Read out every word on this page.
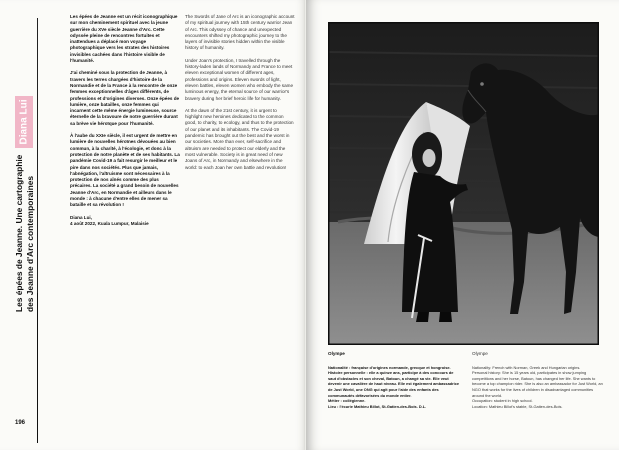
Diana Lui
Les épées de Jeanne. Une cartographie des Jeanne d'Arc contemporaines
196

Les épées de Jeanne est un récit iconographique sur mon cheminement spirituel avec la jeune guerrière du XVe siècle Jeanne d'Arc. Cette odyssée pleine de rencontres fortuites et inattendues a déplacé mon voyage photographique vers les strates des histoires invisibles cachées dans l'histoire visible de l'humanité.

J'ai cheminé sous la protection de Jeanne, à travers les terres chargées d'histoire de la Normandie et de la France à la rencontre de onze femmes exceptionnelles d'âges différents, de professions et d'origines diverses. Onze épées de lumière, onze batailles, onze femmes qui incarnent cette même énergie lumineuse, source éternelle de la bravoure de notre guerrière durant sa brève vie héroïque pour l'humanité.

À l'aube du XXIe siècle, il est urgent de mettre en lumière de nouvelles héroïnes dévouées au bien commun, à la charité, à l'écologie, et donc à la protection de notre planète et de ses habitants. La pandémie Covid-19 a fait resurgir le meilleur et le pire dans nos sociétés. Plus que jamais, l'abnégation, l'altruisme sont nécessaires à la protection de nos aînés comme des plus précaires. La société a grand besoin de nouvelles Jeanne d'Arc, en Normandie et ailleurs dans le monde : à chacune d'entre elles de mener sa bataille et sa révolution !

Diana Lui,
4 août 2022, Kuala Lumpur, Malaisie

The Swords of Jane of Arc is an iconographic account of my spiritual journey with 15th century warrior Jean of Arc. This odyssey of chance and unexpected encounters shifted my photographic journey to the layers of invisible stories hidden within the visible history of humanity.

Under Joan's protection, I travelled through the history-laden lands of Normandy and France to meet eleven exceptional women of different ages, professions and origins. Eleven swords of light, eleven battles, eleven women who embody the same luminous energy, the eternal source of our warrior's bravery during her brief heroic life for humanity.

At the dawn of the 21st century, it is urgent to highlight new heroines dedicated to the common good, to charity, to ecology, and thus to the protection of our planet and its inhabitants. The Covid-19 pandemic has brought out the best and the worst in our societies. More than ever, self-sacrifice and altruism are needed to protect our elderly and the most vulnerable. Society is in great need of new Joans of Arc, in Normandy and elsewhere in the world: to each Joan her own battle and revolution!

Olympe

Nationalité : française d'origines normande, grecque et hongroise.

Histoire personnelle : elle a quinze ans, participe à des concours de saut d'obstacles et son cheval, Batoun, a changé sa vie. Elle veut devenir une cavalière de haut niveau. Elle est également ambassadrice de Just World, une ONG qui agit pour l'aide des enfants des communautés défavorisées du monde entier.

Métier : collégienne.

Lieu : l'écurie Mathieu Billot, St-Gatien-des-Bois. D.L.

Olympe

Nationality: French with Norman, Greek and Hungarian origins.

Personal history: She is 15 years old, participates in show jumping competitions and her horse, Batoun, has changed her life. She wants to become a top champion rider. She is also an ambassador for Just World, an NGO that works for the lives of children in disadvantaged communities around the world.

Occupation: student in high school.

Location: Mathieu Billot's stable, St-Gatien-des-Bois.
